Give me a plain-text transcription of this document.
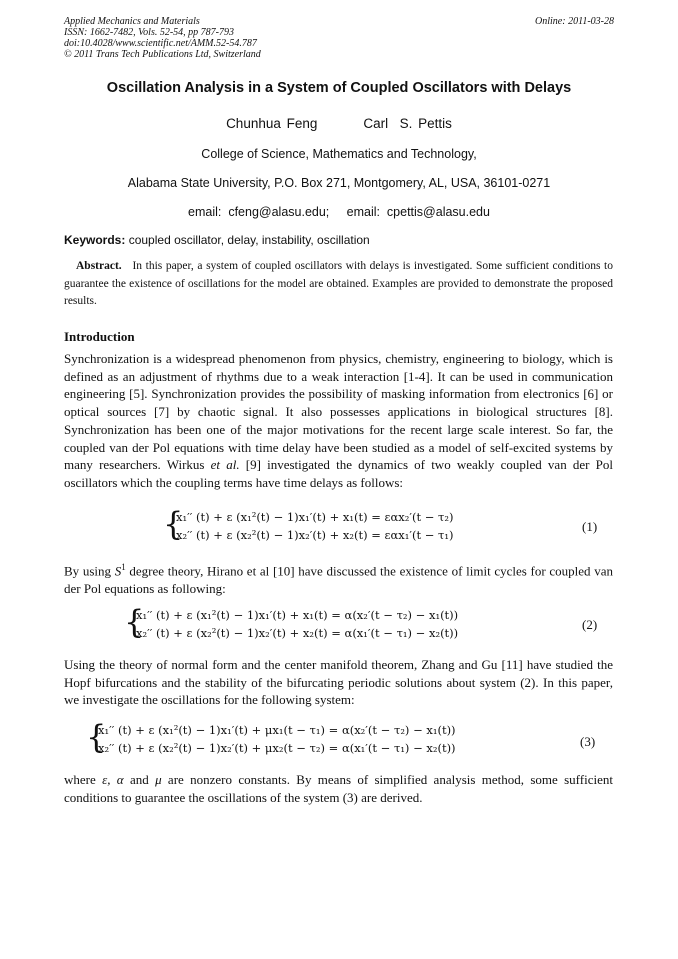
Applied Mechanics and Materials
ISSN: 1662-7482, Vols. 52-54, pp 787-793
doi:10.4028/www.scientific.net/AMM.52-54.787
© 2011 Trans Tech Publications Ltd, Switzerland
Online: 2011-03-28
Oscillation Analysis in a System of Coupled Oscillators with Delays
Chunhua Feng        Carl  S. Pettis
College of Science, Mathematics and Technology,
Alabama State University, P.O. Box 271, Montgomery, AL, USA, 36101-0271
email:  cfeng@alasu.edu;     email:  cpettis@alasu.edu
Keywords: coupled oscillator, delay, instability, oscillation
Abstract. In this paper, a system of coupled oscillators with delays is investigated. Some sufficient conditions to guarantee the existence of oscillations for the model are obtained. Examples are provided to demonstrate the proposed results.
Introduction
Synchronization is a widespread phenomenon from physics, chemistry, engineering to biology, which is defined as an adjustment of rhythms due to a weak interaction [1-4]. It can be used in communication engineering [5]. Synchronization provides the possibility of masking information from electronics [6] or optical sources [7] by chaotic signal. It also possesses applications in biological structures [8]. Synchronization has been one of the major motivations for the recent large scale interest. So far, the coupled van der Pol equations with time delay have been studied as a model of self-excited systems by many researchers. Wirkus et al. [9] investigated the dynamics of two weakly coupled van der Pol oscillators which the coupling terms have time delays as follows:
{
x₁′′ (t) + ε (x₁²(t) − 1)x₁′(t) + x₁(t) = εαx₂′(t − τ₂)
x₂′′ (t) + ε (x₂²(t) − 1)x₂′(t) + x₂(t) = εαx₁′(t − τ₁)
(1)
By using $S^1$ degree theory, Hirano et al [10] have discussed the existence of limit cycles for coupled van der Pol equations as following:
{
x₁′′ (t) + ε (x₁²(t) − 1)x₁′(t) + x₁(t) = α(x₂′(t − τ₂) − x₁(t))
x₂′′ (t) + ε (x₂²(t) − 1)x₂′(t) + x₂(t) = α(x₁′(t − τ₁) − x₂(t))
(2)
Using the theory of normal form and the center manifold theorem, Zhang and Gu [11] have studied the Hopf bifurcations and the stability of the bifurcating periodic solutions about system (2). In this paper, we investigate the oscillations for the following system:
{
x₁′′ (t) + ε (x₁²(t) − 1)x₁′(t) + μx₁(t − τ₁) = α(x₂′(t − τ₂) − x₁(t))
x₂′′ (t) + ε (x₂²(t) − 1)x₂′(t) + μx₂(t − τ₂) = α(x₁′(t − τ₁) − x₂(t))	(3)
where ε, α and μ are nonzero constants. By means of simplified analysis method, some sufficient conditions to guarantee the oscillations of the system (3) are derived.
